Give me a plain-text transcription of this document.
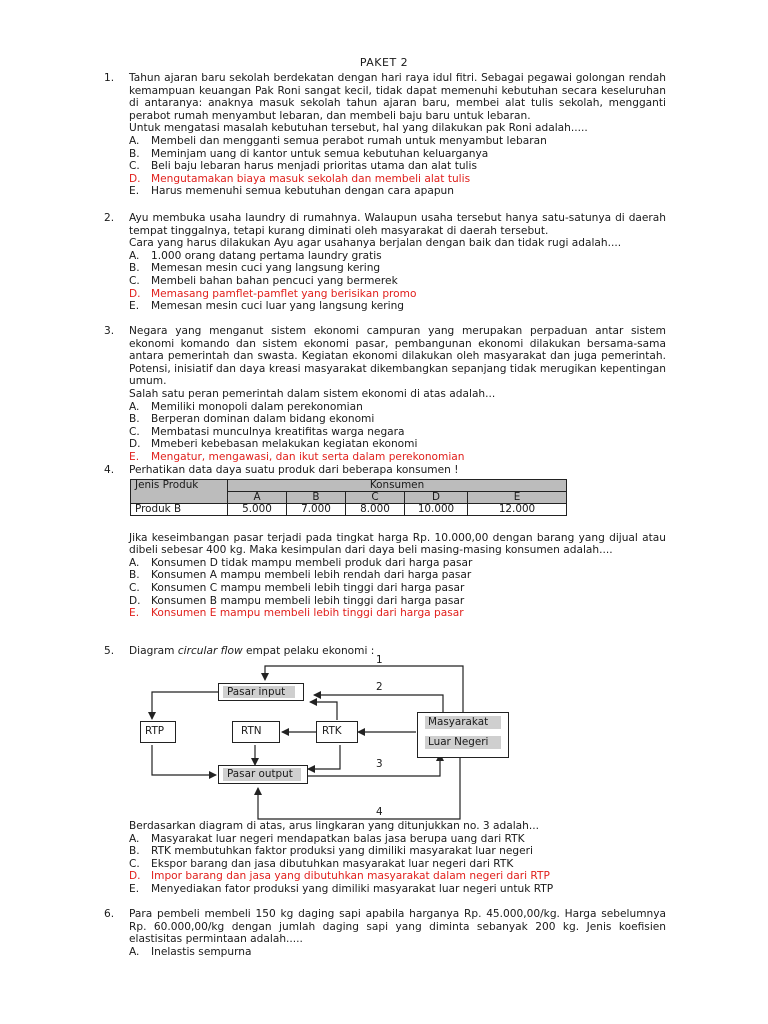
PAKET 2
1. Tahun ajaran baru sekolah berdekatan dengan hari raya idul fitri. Sebagai pegawai golongan rendah kemampuan keuangan Pak Roni sangat kecil, tidak dapat memenuhi kebutuhan secara keseluruhan di antaranya: anaknya masuk sekolah tahun ajaran baru, membei alat tulis sekolah, mengganti perabot rumah menyambut lebaran, dan membeli baju baru untuk lebaran.

Untuk mengatasi masalah kebutuhan tersebut, hal yang dilakukan pak Roni adalah.....

A.	Membeli dan mengganti semua perabot rumah untuk menyambut lebaran
B.	Meminjam uang di kantor untuk semua kebutuhan keluarganya
C.	Beli baju lebaran harus menjadi prioritas utama dan alat tulis
D. Mengutamakan biaya masuk sekolah dan membeli alat tulis
E.	Harus memenuhi semua kebutuhan dengan cara apapun
2. Ayu membuka usaha laundry di rumahnya. Walaupun usaha tersebut hanya satu-satunya di daerah tempat tinggalnya, tetapi kurang diminati oleh masyarakat di daerah tersebut.

Cara yang harus dilakukan Ayu agar usahanya berjalan dengan baik dan tidak rugi adalah....

A.	1.000 orang datang pertama laundry gratis
B.	Memesan mesin cuci yang langsung kering
C.	Membeli bahan bahan pencuci yang bermerek
D. Memasang pamflet-pamflet yang berisikan promo
E.	Memesan mesin cuci luar yang langsung kering
3. Negara yang menganut sistem ekonomi campuran yang merupakan perpaduan antar sistem ekonomi komando dan sistem ekonomi pasar, pembangunan ekonomi dilakukan bersama-sama antara pemerintah dan swasta. Kegiatan ekonomi dilakukan oleh masyarakat dan juga pemerintah. Potensi, inisiatif dan daya kreasi masyarakat dikembangkan sepanjang tidak merugikan kepentingan umum.

Salah satu peran pemerintah dalam sistem ekonomi di atas adalah...

A.	Memiliki monopoli dalam perekonomian
B.	Berperan dominan dalam bidang ekonomi
C.	Membatasi munculnya kreatifitas warga negara
D. Mmeberi kebebasan melakukan kegiatan ekonomi
E.	Mengatur, mengawasi, dan ikut serta dalam perekonomian
4. Perhatikan data daya suatu produk dari beberapa konsumen !

Jenis Produk	Konsumen				
	A	B	C	D	E
Produk B	5.000	7.000	8.000	10.000	12.000

Jika keseimbangan pasar terjadi pada tingkat harga Rp. 10.000,00 dengan barang yang dijual atau dibeli sebesar 400 kg. Maka kesimpulan dari daya beli masing-masing konsumen adalah....

A.	Konsumen D tidak mampu membeli produk dari harga pasar
B.	Konsumen A mampu membeli lebih rendah dari harga pasar
C.	Konsumen C mampu membeli lebih tinggi dari harga pasar
D. Konsumen B mampu membeli lebih tinggi dari harga pasar
E.	Konsumen E mampu membeli lebih tinggi dari harga pasar
5. Diagram circular flow empat pelaku ekonomi :

Pasar input
RTP	RTN	RTK
Masyarakat
Luar Negeri
Pasar output
1
2
3
4

Berdasarkan diagram di atas, arus lingkaran yang ditunjukkan no. 3 adalah...

A.	Masyarakat luar negeri mendapatkan balas jasa berupa uang dari RTK
B.	RTK membutuhkan faktor produksi yang dimiliki masyarakat luar negeri
C.	Ekspor barang dan jasa dibutuhkan masyarakat luar negeri dari RTK
D. Impor barang dan jasa yang dibutuhkan masyarakat dalam negeri dari RTP
E.	Menyediakan fator produksi yang dimiliki masyarakat luar negeri untuk RTP
6. Para pembeli membeli 150 kg daging sapi apabila harganya Rp. 45.000,00/kg. Harga sebelumnya Rp. 60.000,00/kg dengan jumlah daging sapi yang diminta sebanyak 200 kg. Jenis koefisien elastisitas permintaan adalah.....

A.	Inelastis sempurna
